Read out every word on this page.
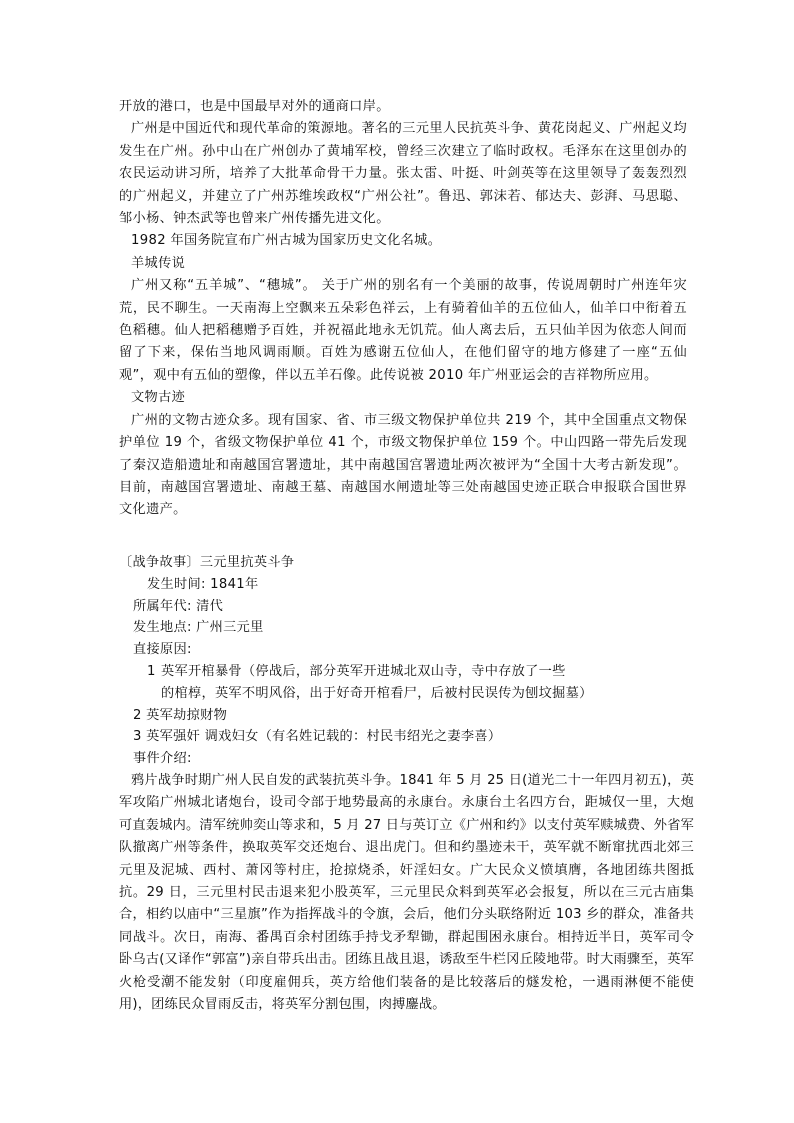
开放的港口，也是中国最早对外的通商口岸。

广州是中国近代和现代革命的策源地。著名的三元里人民抗英斗争、黄花岗起义、广州起义均发生在广州。孙中山在广州创办了黄埔军校，曾经三次建立了临时政权。毛泽东在这里创办的农民运动讲习所，培养了大批革命骨干力量。张太雷、叶挺、叶剑英等在这里领导了轰轰烈烈的广州起义，并建立了广州苏维埃政权“广州公社”。鲁迅、郭沫若、郁达夫、彭湃、马思聪、邹小杨、钟杰武等也曾来广州传播先进文化。

1982 年国务院宣布广州古城为国家历史文化名城。

羊城传说

广州又称“五羊城”、“穗城”。 关于广州的别名有一个美丽的故事，传说周朝时广州连年灾荒，民不聊生。一天南海上空飘来五朵彩色祥云，上有骑着仙羊的五位仙人，仙羊口中衔着五色稻穗。仙人把稻穗赠予百姓，并祝福此地永无饥荒。仙人离去后，五只仙羊因为依恋人间而留了下来，保佑当地风调雨顺。百姓为感谢五位仙人，在他们留守的地方修建了一座“五仙观”，观中有五仙的塑像，伴以五羊石像。此传说被 2010 年广州亚运会的吉祥物所应用。

文物古迹

广州的文物古迹众多。现有国家、省、市三级文物保护单位共 219 个，其中全国重点文物保护单位 19 个，省级文物保护单位 41 个，市级文物保护单位 159 个。中山四路一带先后发现了秦汉造船遗址和南越国宫署遗址，其中南越国宫署遗址两次被评为“全国十大考古新发现”。目前，南越国宫署遗址、南越王墓、南越国水闸遗址等三处南越国史迹正联合申报联合国世界文化遗产。

〔战争故事〕三元里抗英斗争
发生时间: 1841年
所属年代: 清代
发生地点: 广州三元里
直接原因:
1 英军开棺暴骨（停战后，部分英军开进城北双山寺，寺中存放了一些
的棺椁，英军不明风俗，出于好奇开棺看尸，后被村民误传为刨坟掘墓）
2 英军劫掠财物
3 英军强奸 调戏妇女（有名姓记载的：村民韦绍光之妻李喜）
事件介绍:

鸦片战争时期广州人民自发的武装抗英斗争。1841 年 5 月 25 日(道光二十一年四月初五)，英军攻陷广州城北诸炮台，设司令部于地势最高的永康台。永康台土名四方台，距城仅一里，大炮可直轰城内。清军统帅奕山等求和，5 月 27 日与英订立《广州和约》以支付英军赎城费、外省军队撤离广州等条件，换取英军交还炮台、退出虎门。但和约墨迹未干，英军就不断窜扰西北郊三元里及泥城、西村、萧冈等村庄，抢掠烧杀，奸淫妇女。广大民众义愤填膺，各地团练共图抵抗。29 日，三元里村民击退来犯小股英军，三元里民众料到英军必会报复，所以在三元古庙集合，相约以庙中“三星旗”作为指挥战斗的令旗，会后，他们分头联络附近 103 乡的群众，准备共同战斗。次日，南海、番禺百余村团练手持戈矛犁锄，群起围困永康台。相持近半日，英军司令卧乌古(又译作“郭富”)亲自带兵出击。团练且战且退，诱敌至牛栏冈丘陵地带。时大雨骤至，英军火枪受潮不能发射（印度雇佣兵，英方给他们装备的是比较落后的燧发枪，一遇雨淋便不能使用)，团练民众冒雨反击，将英军分割包围，肉搏鏖战。
